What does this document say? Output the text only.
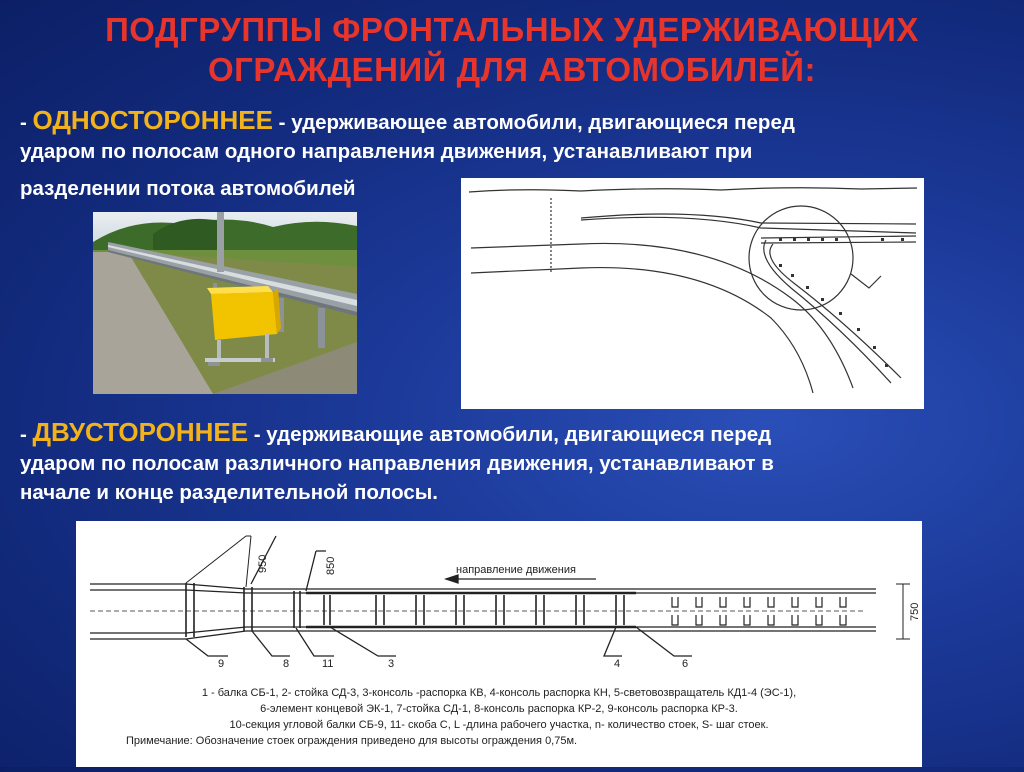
ПОДГРУППЫ ФРОНТАЛЬНЫХ УДЕРЖИВАЮЩИХ
ОГРАЖДЕНИЙ ДЛЯ АВТОМОБИЛЕЙ:
- ОДНОСТОРОННЕЕ - удерживающее автомобили, двигающиеся перед
ударом по полосам одного направления движения, устанавливают при
разделении потока автомобилей
- ДВУСТОРОННЕЕ - удерживающие автомобили, двигающиеся перед
ударом по полосам различного направления движения, устанавливают в
начале и конце разделительной полосы.
направление движения
950	850
750
9	8	11	3	4	6
1 - балка СБ-1, 2- стойка СД-3, 3-консоль -распорка КВ, 4-консоль распорка КН, 5-световозвращатель КД1-4 (ЭС-1),
6-элемент концевой ЭК-1, 7-стойка СД-1, 8-консоль распорка КР-2, 9-консоль распорка КР-3.
10-секция угловой балки СБ-9, 11- скоба С, L -длина рабочего участка, n- количество стоек, S- шаг стоек.
Примечание: Обозначение стоек ограждения приведено для высоты ограждения 0,75м.
